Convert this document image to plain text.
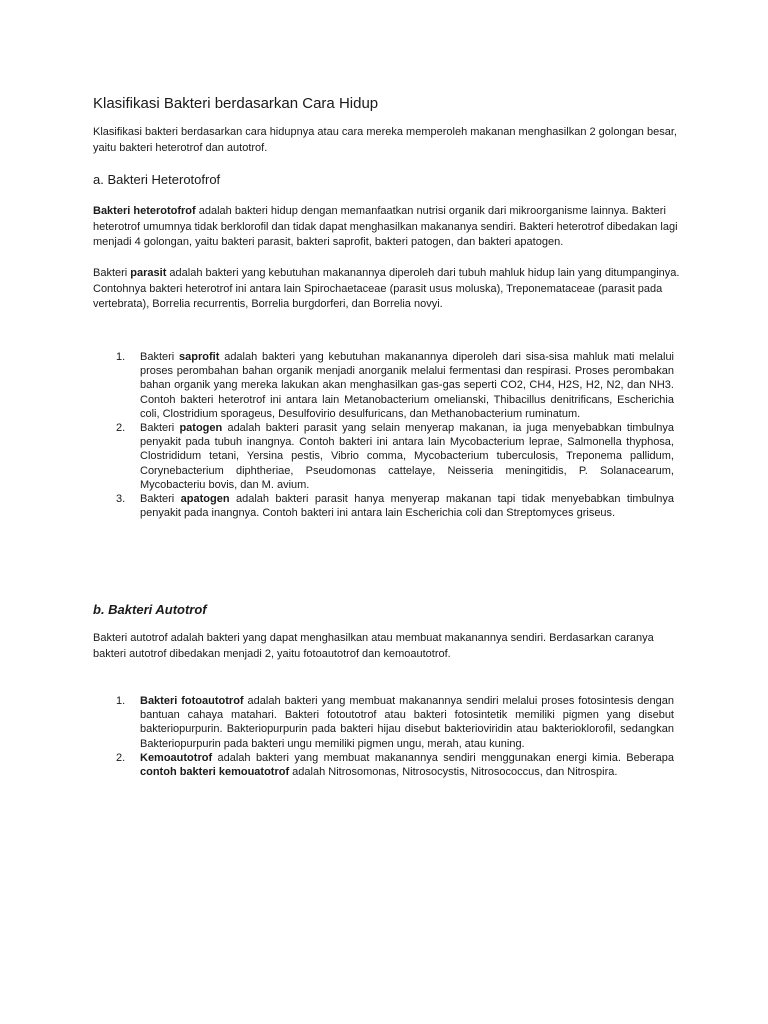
Klasifikasi Bakteri berdasarkan Cara Hidup

Klasifikasi bakteri berdasarkan cara hidupnya atau cara mereka memperoleh makanan menghasilkan 2 golongan besar, yaitu bakteri heterotrof dan autotrof.

a. Bakteri Heterotofrof

Bakteri heterotofrof adalah bakteri hidup dengan memanfaatkan nutrisi organik dari mikroorganisme lainnya. Bakteri heterotrof umumnya tidak berklorofil dan tidak dapat menghasilkan makananya sendiri. Bakteri heterotrof dibedakan lagi menjadi 4 golongan, yaitu bakteri parasit, bakteri saprofit, bakteri patogen, dan bakteri apatogen.

Bakteri parasit adalah bakteri yang kebutuhan makanannya diperoleh dari tubuh mahluk hidup lain yang ditumpanginya. Contohnya bakteri heterotrof ini antara lain Spirochaetaceae (parasit usus moluska), Treponemataceae (parasit pada vertebrata), Borrelia recurrentis, Borrelia burgdorferi, dan Borrelia novyi.

1. Bakteri saprofit adalah bakteri yang kebutuhan makanannya diperoleh dari sisa-sisa mahluk mati melalui proses perombahan bahan organik menjadi anorganik melalui fermentasi dan respirasi. Proses perombakan bahan organik yang mereka lakukan akan menghasilkan gas-gas seperti CO2, CH4, H2S, H2, N2, dan NH3. Contoh bakteri heterotrof ini antara lain Metanobacterium omelianski, Thibacillus denitrificans, Escherichia coli, Clostridium sporageus, Desulfovirio desulfuricans, dan Methanobacterium ruminatum.
2. Bakteri patogen adalah bakteri parasit yang selain menyerap makanan, ia juga menyebabkan timbulnya penyakit pada tubuh inangnya. Contoh bakteri ini antara lain Mycobacterium leprae, Salmonella thyphosa, Clostrididum tetani, Yersina pestis, Vibrio comma, Mycobacterium tuberculosis, Treponema pallidum, Corynebacterium diphtheriae, Pseudomonas cattelaye, Neisseria meningitidis, P. Solanacearum, Mycobacteriu bovis, dan M. avium.
3. Bakteri apatogen adalah bakteri parasit hanya menyerap makanan tapi tidak menyebabkan timbulnya penyakit pada inangnya. Contoh bakteri ini antara lain Escherichia coli dan Streptomyces griseus.
b. Bakteri Autotrof

Bakteri autotrof adalah bakteri yang dapat menghasilkan atau membuat makanannya sendiri. Berdasarkan caranya bakteri autotrof dibedakan menjadi 2, yaitu fotoautotrof dan kemoautotrof.

1. Bakteri fotoautotrof adalah bakteri yang membuat makanannya sendiri melalui proses fotosintesis dengan bantuan cahaya matahari. Bakteri fotoutotrof atau bakteri fotosintetik memiliki pigmen yang disebut bakteriopurpurin. Bakteriopurpurin pada bakteri hijau disebut bakterioviridin atau bakterioklorofil, sedangkan Bakteriopurpurin pada bakteri ungu memiliki pigmen ungu, merah, atau kuning.
2. Kemoautotrof adalah bakteri yang membuat makanannya sendiri menggunakan energi kimia. Beberapa contoh bakteri kemouatotrof adalah Nitrosomonas, Nitrosocystis, Nitrosococcus, dan Nitrospira.
